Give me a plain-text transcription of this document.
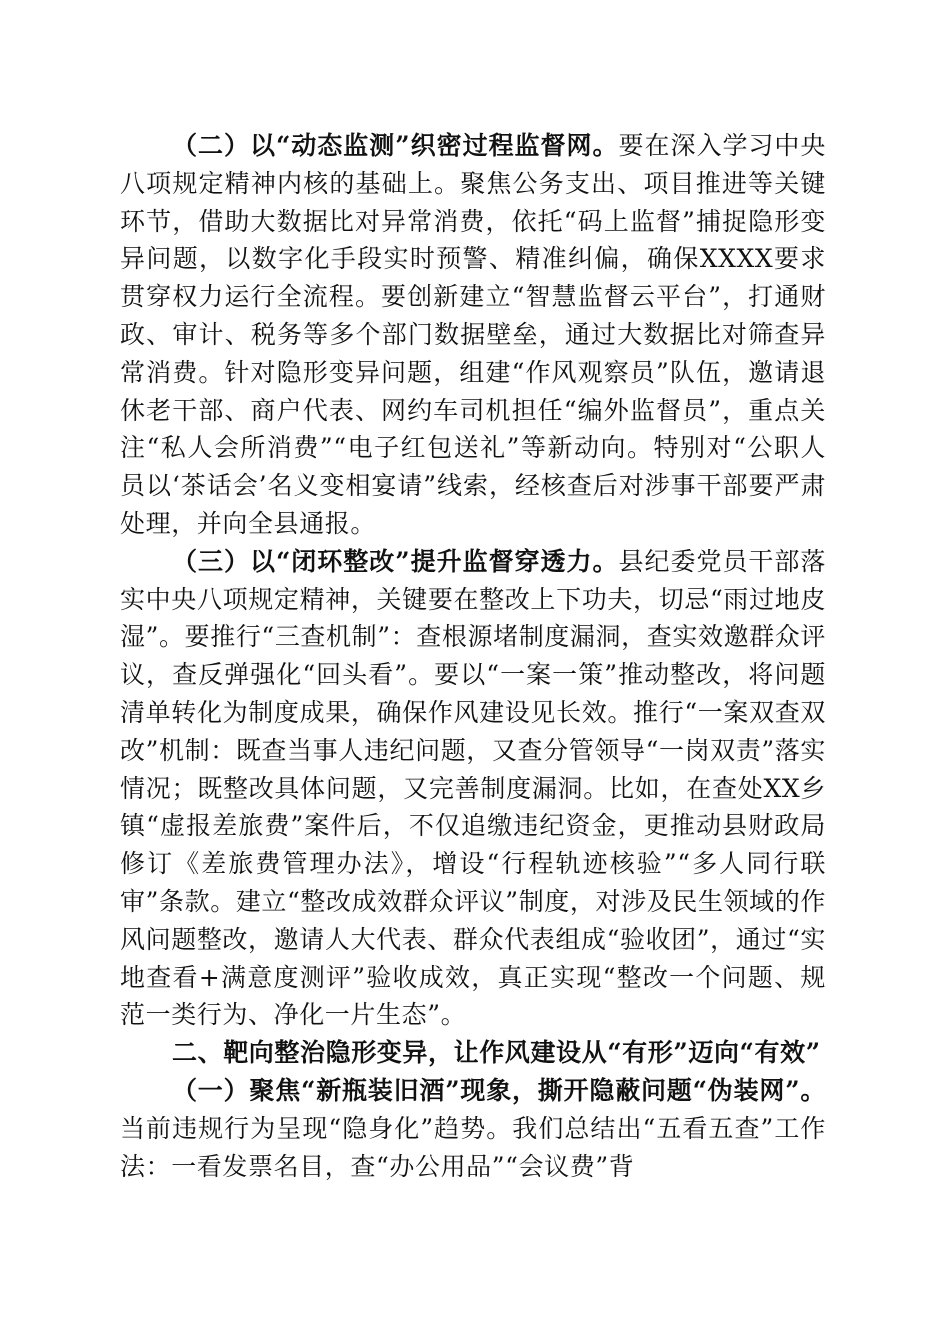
（二）以“动态监测”织密过程监督网。要在深入学习中央八项规定精神内核的基础上。聚焦公务支出、项目推进等关键环节，借助大数据比对异常消费，依托“码上监督”捕捉隐形变异问题，以数字化手段实时预警、精准纠偏，确保XXXX要求贯穿权力运行全流程。要创新建立“智慧监督云平台”，打通财政、审计、税务等多个部门数据壁垒，通过大数据比对筛查异常消费。针对隐形变异问题，组建“作风观察员”队伍，邀请退休老干部、商户代表、网约车司机担任“编外监督员”，重点关注“私人会所消费”“电子红包送礼”等新动向。特别对“公职人员以‘茶话会’名义变相宴请”线索，经核查后对涉事干部要严肃处理，并向全县通报。

（三）以“闭环整改”提升监督穿透力。县纪委党员干部落实中央八项规定精神，关键要在整改上下功夫，切忌“雨过地皮湿”。要推行“三查机制”：查根源堵制度漏洞，查实效邀群众评议，查反弹强化“回头看”。要以“一案一策”推动整改，将问题清单转化为制度成果，确保作风建设见长效。推行“一案双查双改”机制：既查当事人违纪问题，又查分管领导“一岗双责”落实情况；既整改具体问题，又完善制度漏洞。比如，在查处XX乡镇“虚报差旅费”案件后，不仅追缴违纪资金，更推动县财政局修订《差旅费管理办法》，增设“行程轨迹核验”“多人同行联审”条款。建立“整改成效群众评议”制度，对涉及民生领域的作风问题整改，邀请人大代表、群众代表组成“验收团”，通过“实地查看+满意度测评”验收成效，真正实现“整改一个问题、规范一类行为、净化一片生态”。

二、靶向整治隐形变异，让作风建设从“有形”迈向“有效”

（一）聚焦“新瓶装旧酒”现象，撕开隐蔽问题“伪装网”。当前违规行为呈现“隐身化”趋势。我们总结出“五看五查”工作法：一看发票名目，查“办公用品”“会议费”背
